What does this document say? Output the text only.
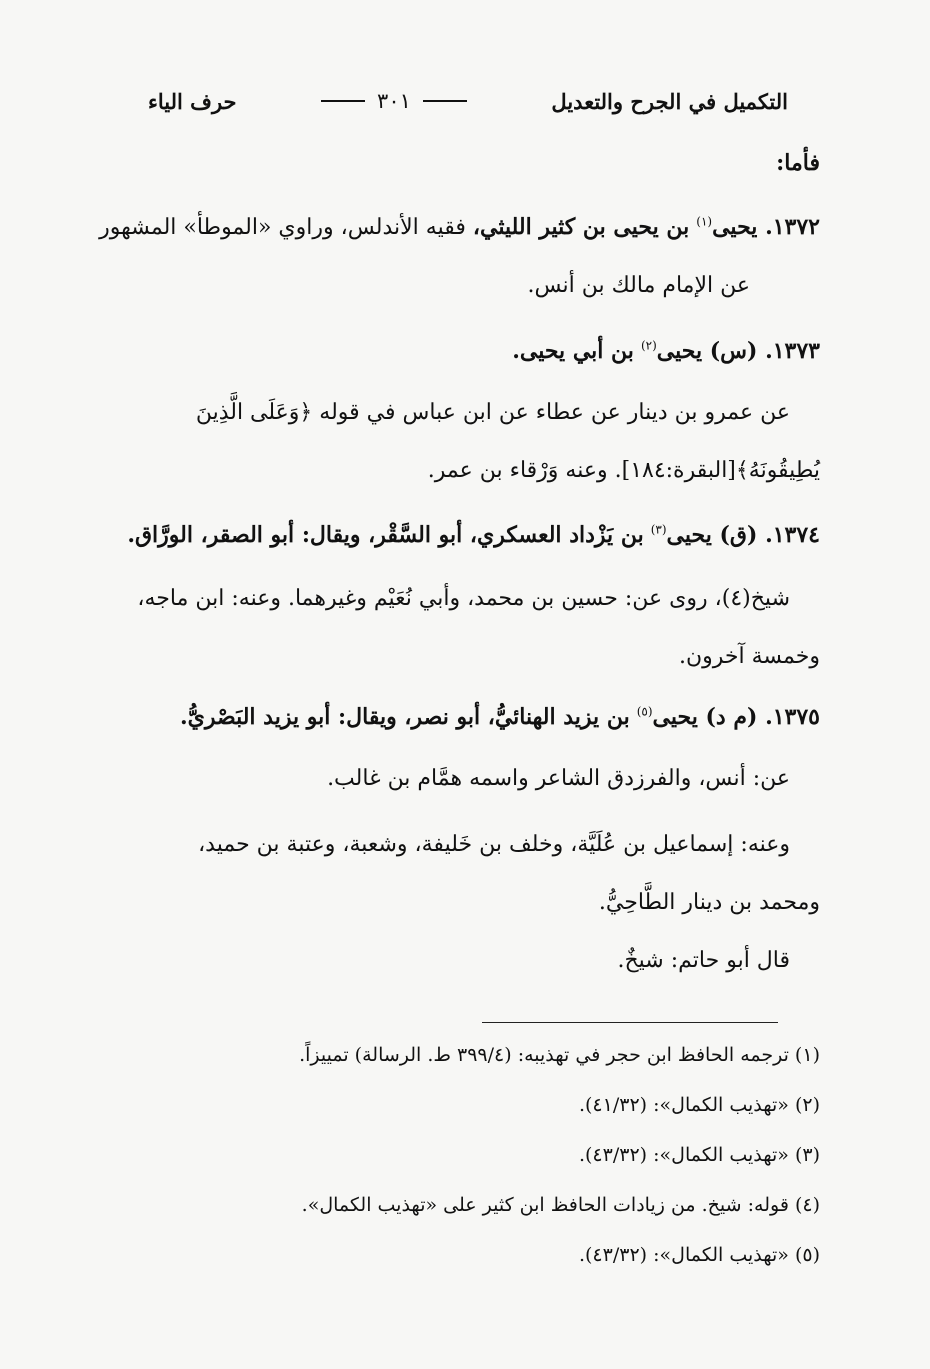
التكميل في الجرح والتعديل
٣٠١
حرف الياء
فأما:
١٣٧٢. يحيى$^{(١)}$ بن يحيى بن كثير الليثي، فقيه الأندلس، وراوي «الموطأ» المشهور
عن الإمام مالك بن أنس.
١٣٧٣. (س) يحيى$^{(٢)}$ بن أبي يحيى.
عن عمرو بن دينار عن عطاء عن ابن عباس في قوله ﴿وَعَلَى الَّذِينَ
يُطِيقُونَهُ﴾[البقرة:١٨٤]. وعنه وَرْقاء بن عمر.
١٣٧٤. (ق) يحيى$^{(٣)}$ بن يَزْداد العسكري، أبو السَّقْر، ويقال: أبو الصقر، الورَّاق.
شيخ(٤)، روى عن: حسين بن محمد، وأبي نُعَيْم وغيرهما. وعنه: ابن ماجه،
وخمسة آخرون.
١٣٧٥. (م د) يحيى$^{(٥)}$ بن يزيد الهنائيُّ، أبو نصر، ويقال: أبو يزيد البَصْريُّ.
عن: أنس، والفرزدق الشاعر واسمه همَّام بن غالب.
وعنه: إسماعيل بن عُلَيَّة، وخلف بن خَليفة، وشعبة، وعتبة بن حميد،
ومحمد بن دينار الطَّاحِيُّ.
قال أبو حاتم: شيخٌ.
(١) ترجمه الحافظ ابن حجر في تهذيبه: (٣٩٩/٤ ط. الرسالة) تمييزاً.
(٢) «تهذيب الكمال»: (٤١/٣٢).
(٣) «تهذيب الكمال»: (٤٣/٣٢).
(٤) قوله: شيخ. من زيادات الحافظ ابن كثير على «تهذيب الكمال».
(٥) «تهذيب الكمال»: (٤٣/٣٢).
